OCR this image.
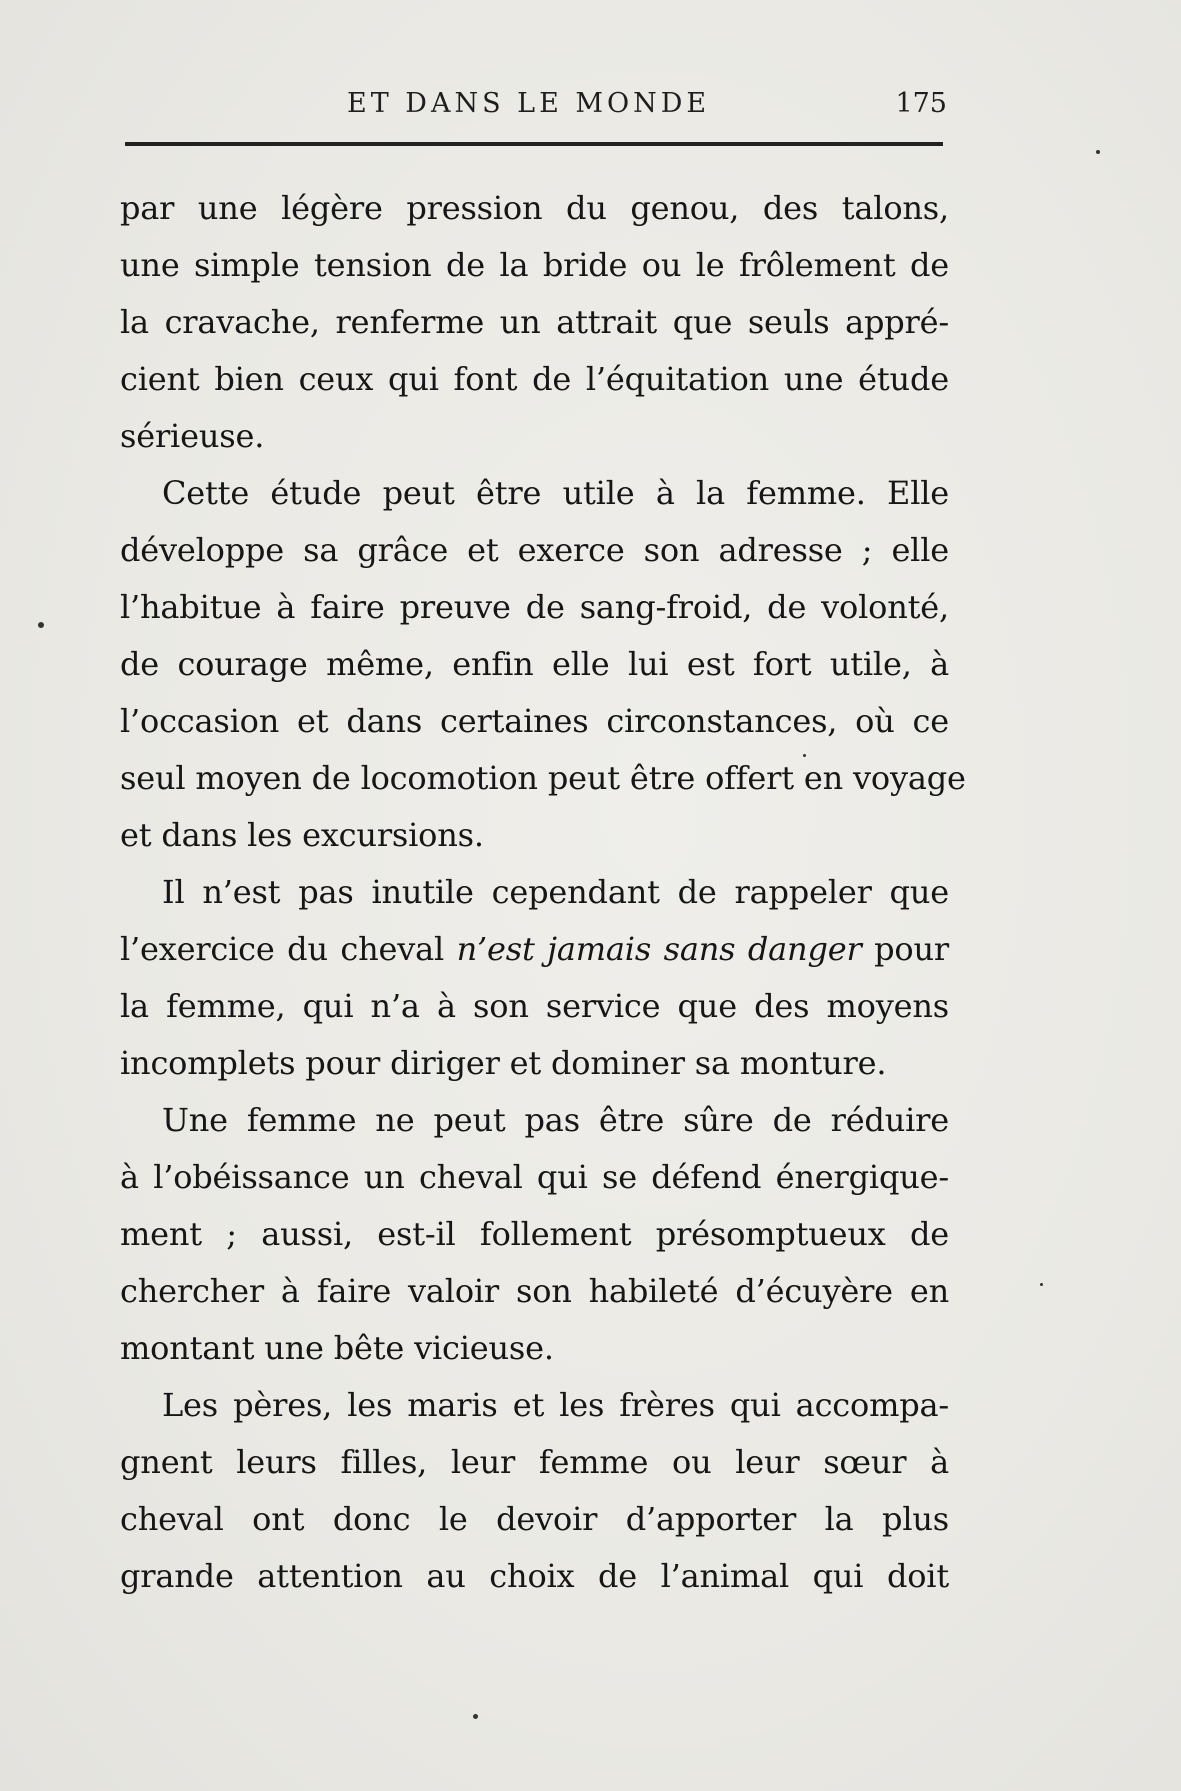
ET DANS LE MONDE	175

par une légère pression du genou, des talons,

une simple tension de la bride ou le frôlement de

la cravache, renferme un attrait que seuls appré-

cient bien ceux qui font de l’équitation une étude

sérieuse.

Cette étude peut être utile à la femme. Elle

développe sa grâce et exerce son adresse ; elle

l’habitue à faire preuve de sang-froid, de volonté,

de courage même, enfin elle lui est fort utile, à

l’occasion et dans certaines circonstances, où ce

seul moyen de locomotion peut être offert en voyage

et dans les excursions.

Il n’est pas inutile cependant de rappeler que

l’exercice du cheval n’est jamais sans danger pour

la femme, qui n’a à son service que des moyens

incomplets pour diriger et dominer sa monture.

Une femme ne peut pas être sûre de réduire

à l’obéissance un cheval qui se défend énergique-

ment ; aussi, est-il follement présomptueux de

chercher à faire valoir son habileté d’écuyère en

montant une bête vicieuse.

Les pères, les maris et les frères qui accompa-

gnent leurs filles, leur femme ou leur sœur à

cheval ont donc le devoir d’apporter la plus

grande attention au choix de l’animal qui doit
